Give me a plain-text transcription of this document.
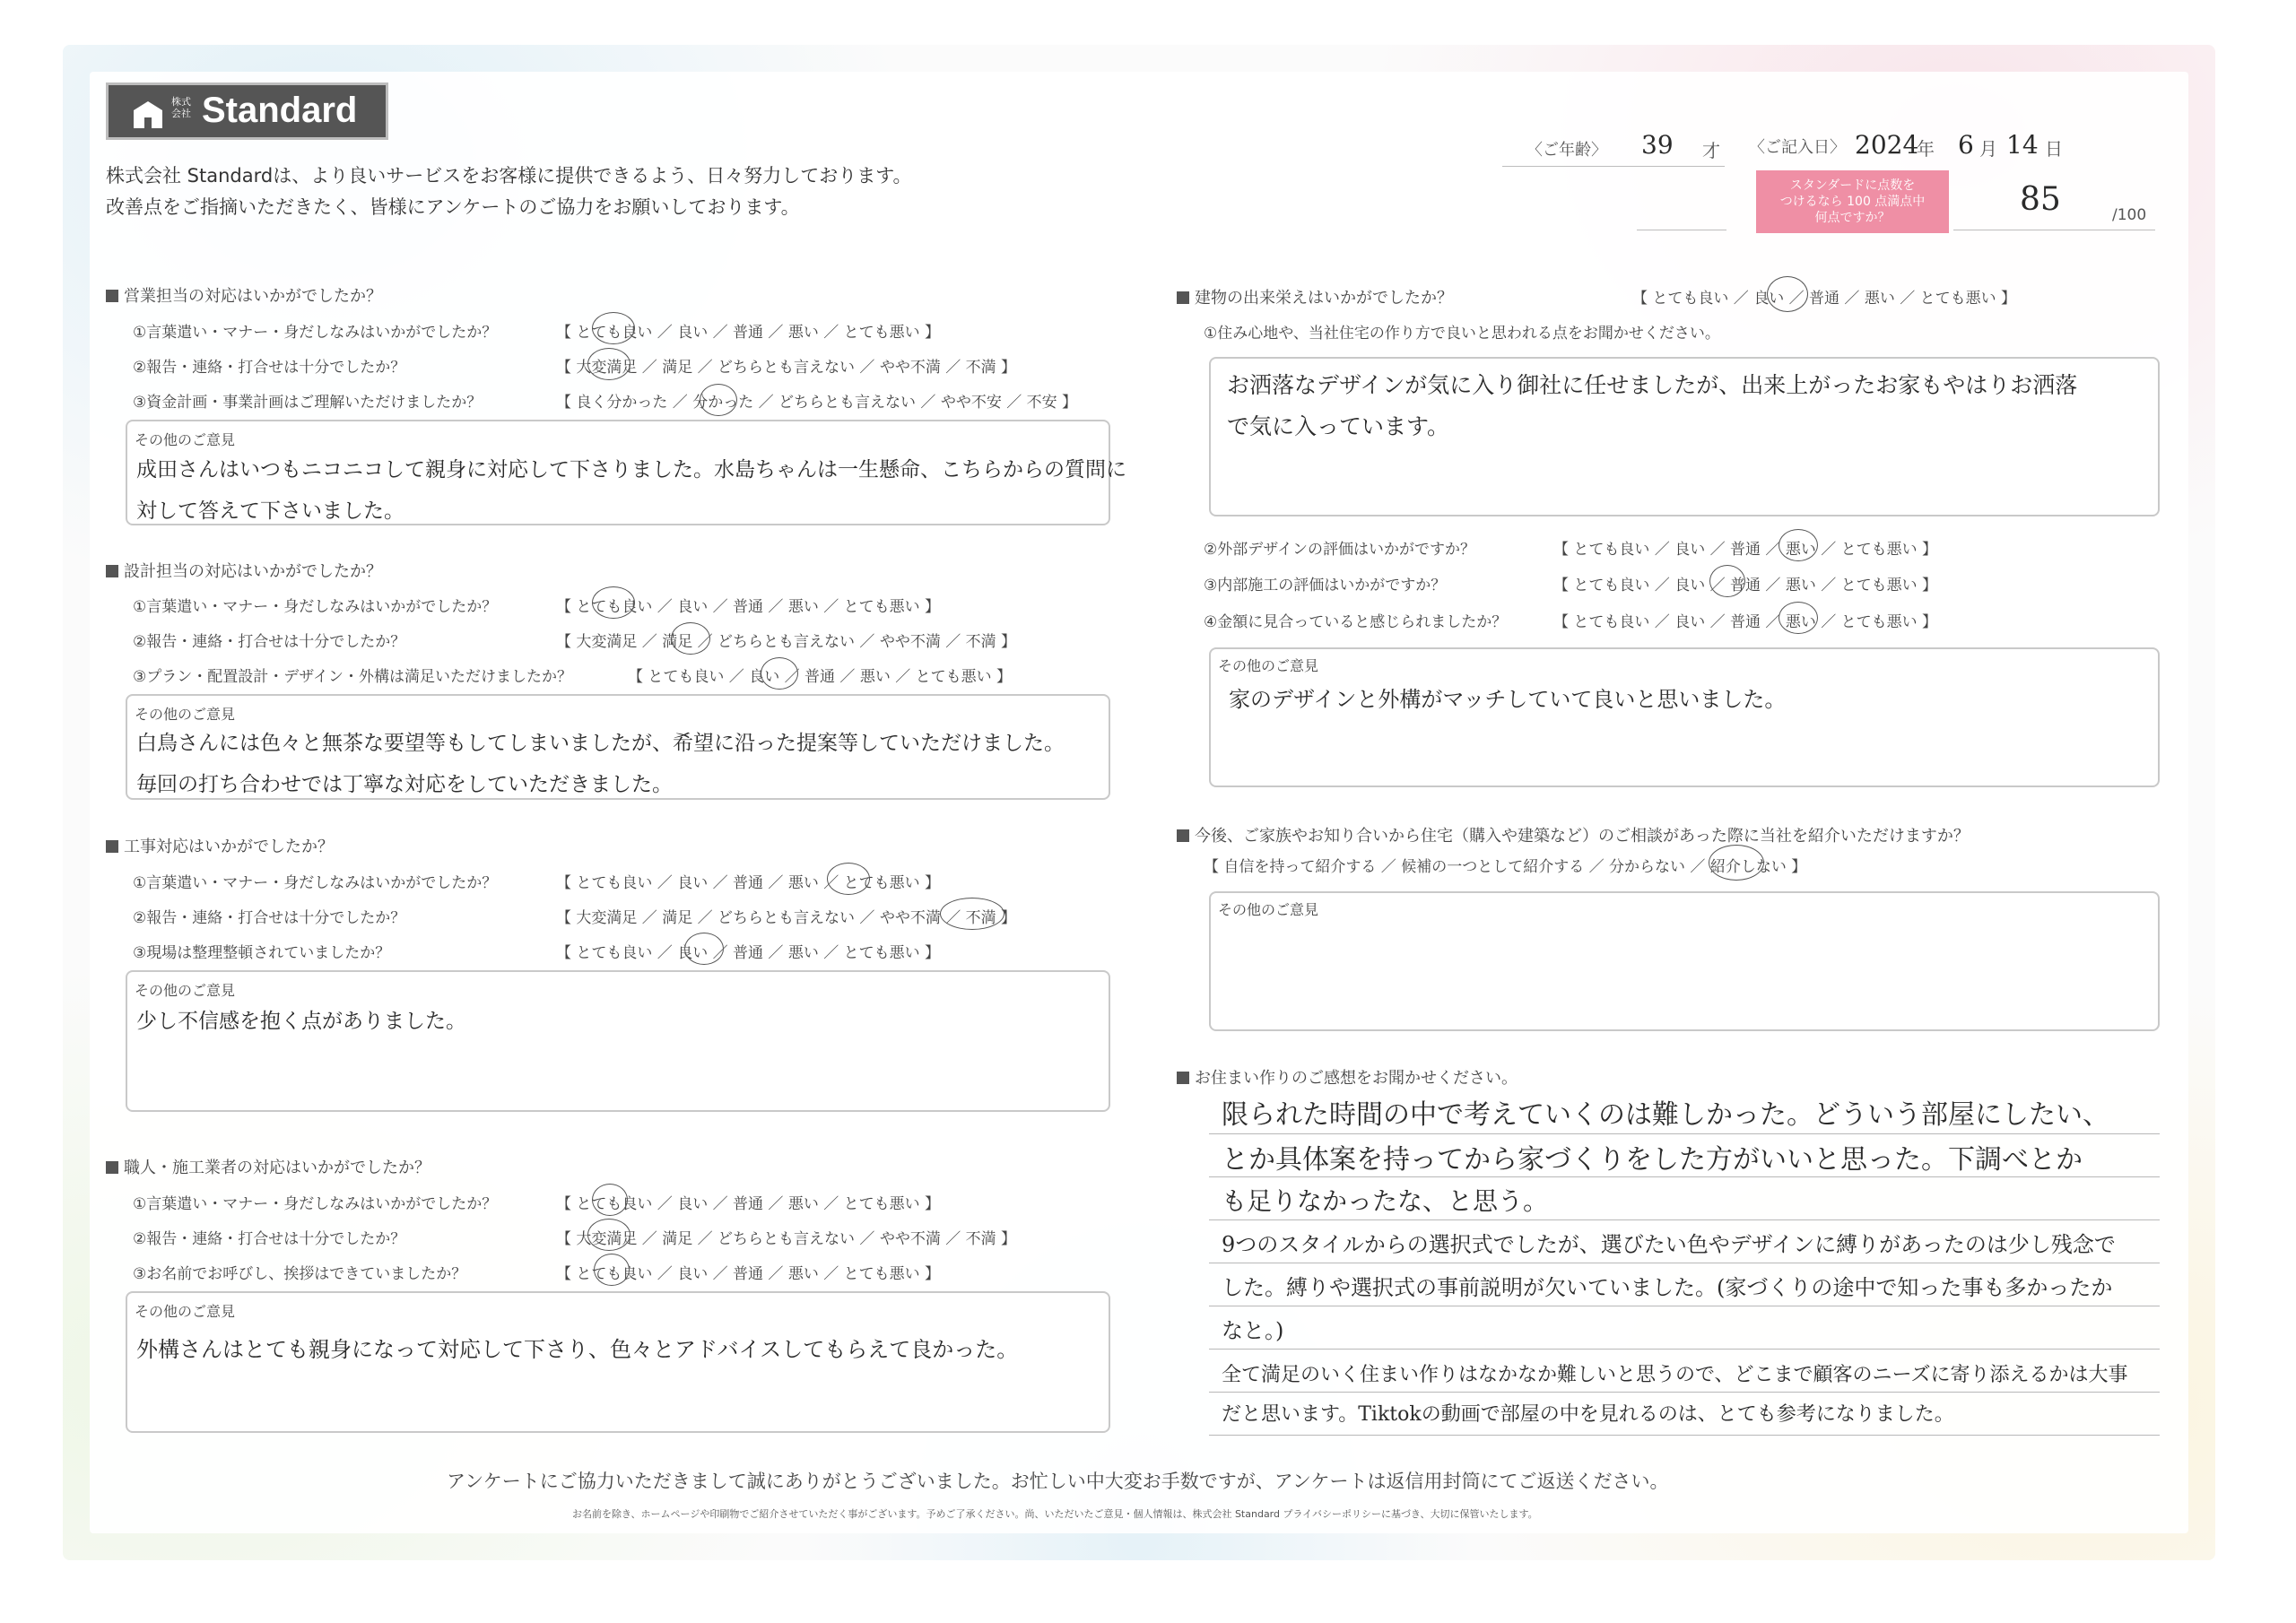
株式
会社 Standard
株式会社 Standardは、より良いサービスをお客様に提供できるよう、日々努力しております。
改善点をご指摘いただきたく、皆様にアンケートのご協力をお願いしております。
〈ご年齢〉 39 才 〈ご記入日〉 2024
年 6 月 14 日
スタンダードに点数を
つけるなら 100 点満点中
何点ですか？	85	/100
営業担当の対応はいかがでしたか？
①言葉遣い・マナー・身だしなみはいかがでしたか？	【 とても良い ／ 良い ／ 普通 ／ 悪い ／ とても悪い 】
②報告・連絡・打合せは十分でしたか？	【 大変満足 ／ 満足 ／ どちらとも言えない ／ やや不満 ／ 不満 】
③資金計画・事業計画はご理解いただけましたか？	【 良く分かった ／ 分かった ／ どちらとも言えない ／ やや不安 ／ 不安 】
その他のご意見
成田さんはいつもニコニコして親身に対応して下さりました。水島ちゃんは一生懸命、こちらからの質問に
対して答えて下さいました。
設計担当の対応はいかがでしたか？
①言葉遣い・マナー・身だしなみはいかがでしたか？	【 とても良い ／ 良い ／ 普通 ／ 悪い ／ とても悪い 】
②報告・連絡・打合せは十分でしたか？	【 大変満足 ／ 満足 ／ どちらとも言えない ／ やや不満 ／ 不満 】
③プラン・配置設計・デザイン・外構は満足いただけましたか？	【 とても良い ／ 良い ／ 普通 ／ 悪い ／ とても悪い 】
その他のご意見
白鳥さんには色々と無茶な要望等もしてしまいましたが、希望に沿った提案等していただけました。
毎回の打ち合わせでは丁寧な対応をしていただきました。
工事対応はいかがでしたか？
①言葉遣い・マナー・身だしなみはいかがでしたか？	【 とても良い ／ 良い ／ 普通 ／ 悪い ／ とても悪い 】
②報告・連絡・打合せは十分でしたか？	【 大変満足 ／ 満足 ／ どちらとも言えない ／ やや不満 ／ 不満 】
③現場は整理整頓されていましたか？	【 とても良い ／ 良い ／ 普通 ／ 悪い ／ とても悪い 】
その他のご意見
少し不信感を抱く点がありました。
職人・施工業者の対応はいかがでしたか？
①言葉遣い・マナー・身だしなみはいかがでしたか？	【 とても良い ／ 良い ／ 普通 ／ 悪い ／ とても悪い 】
②報告・連絡・打合せは十分でしたか？	【 大変満足 ／ 満足 ／ どちらとも言えない ／ やや不満 ／ 不満 】
③お名前でお呼びし、挨拶はできていましたか？	【 とても良い ／ 良い ／ 普通 ／ 悪い ／ とても悪い 】
その他のご意見
外構さんはとても親身になって対応して下さり、色々とアドバイスしてもらえて良かった。
建物の出来栄えはいかがでしたか？	【 とても良い ／ 良い ／ 普通 ／ 悪い ／ とても悪い 】
①住み心地や、当社住宅の作り方で良いと思われる点をお聞かせください。
お洒落なデザインが気に入り御社に任せましたが、出来上がったお家もやはりお洒落
で気に入っています。
②外部デザインの評価はいかがですか？	【 とても良い ／ 良い ／ 普通 ／ 悪い ／ とても悪い 】
③内部施工の評価はいかがですか？	【 とても良い ／ 良い ／ 普通 ／ 悪い ／ とても悪い 】
④金額に見合っていると感じられましたか？	【 とても良い ／ 良い ／ 普通 ／ 悪い ／ とても悪い 】
その他のご意見
家のデザインと外構がマッチしていて良いと思いました。
今後、ご家族やお知り合いから住宅（購入や建築など）のご相談があった際に当社を紹介いただけますか？
【 自信を持って紹介する ／ 候補の一つとして紹介する ／ 分からない ／ 紹介しない 】
その他のご意見
お住まい作りのご感想をお聞かせください。
限られた時間の中で考えていくのは難しかった。どういう部屋にしたい、
とか具体案を持ってから家づくりをした方がいいと思った。下調べとか
も足りなかったな、と思う。
9つのスタイルからの選択式でしたが、選びたい色やデザインに縛りがあったのは少し残念で
した。縛りや選択式の事前説明が欠いていました。(家づくりの途中で知った事も多かったか
なと。)
全て満足のいく住まい作りはなかなか難しいと思うので、どこまで顧客のニーズに寄り添えるかは大事
だと思います。Tiktokの動画で部屋の中を見れるのは、とても参考になりました。
アンケートにご協力いただきまして誠にありがとうございました。お忙しい中大変お手数ですが、アンケートは返信用封筒にてご返送ください。
お名前を除き、ホームページや印刷物でご紹介させていただく事がございます。予めご了承ください。尚、いただいたご意見・個人情報は、株式会社 Standard プライバシーポリシーに基づき、大切に保管いたします。
